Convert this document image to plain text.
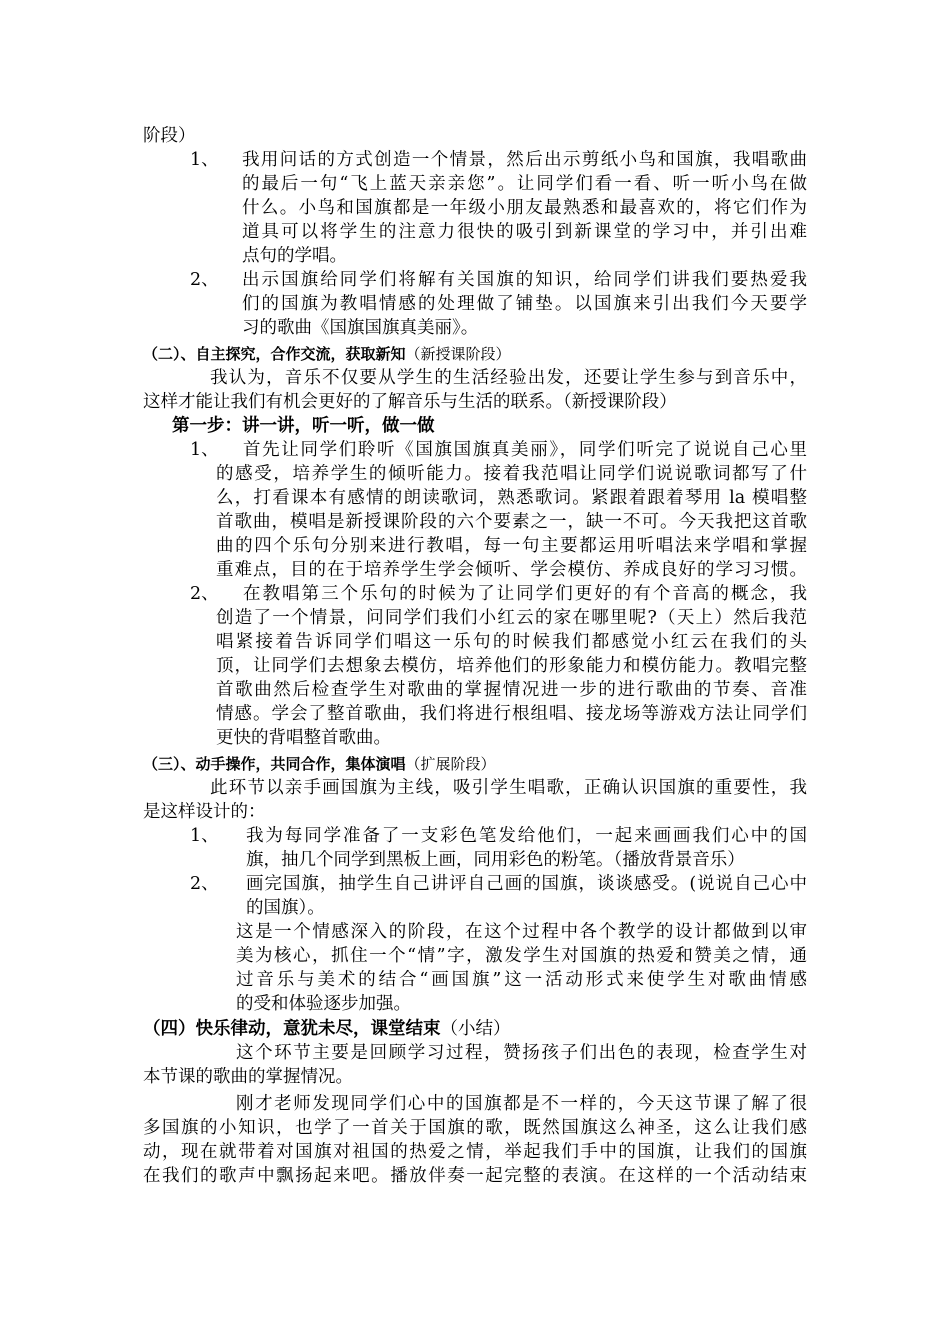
阶段）
1、 我用问话的方式创造一个情景，然后出示剪纸小鸟和国旗，我唱歌曲
的最后一句“飞上蓝天亲亲您”。让同学们看一看、听一听小鸟在做
什么。小鸟和国旗都是一年级小朋友最熟悉和最喜欢的，将它们作为
道具可以将学生的注意力很快的吸引到新课堂的学习中，并引出难
点句的学唱。
2、 出示国旗给同学们将解有关国旗的知识，给同学们讲我们要热爱我
们的国旗为教唱情感的处理做了铺垫。以国旗来引出我们今天要学
习的歌曲《国旗国旗真美丽》。
（二）、自主探究，合作交流，获取新知（新授课阶段）
我认为，音乐不仅要从学生的生活经验出发，还要让学生参与到音乐中，
这样才能让我们有机会更好的了解音乐与生活的联系。（新授课阶段）
第一步：讲一讲，听一听，做一做
1、 首先让同学们聆听《国旗国旗真美丽》，同学们听完了说说自己心里
的感受，培养学生的倾听能力。接着我范唱让同学们说说歌词都写了什
么，打看课本有感情的朗读歌词，熟悉歌词。紧跟着跟着琴用 la 模唱整
首歌曲，模唱是新授课阶段的六个要素之一，缺一不可。今天我把这首歌
曲的四个乐句分别来进行教唱，每一句主要都运用听唱法来学唱和掌握
重难点，目的在于培养学生学会倾听、学会模仿、养成良好的学习习惯。
2、 在教唱第三个乐句的时候为了让同学们更好的有个音高的概念，我
创造了一个情景，问同学们我们小红云的家在哪里呢?（天上）然后我范
唱紧接着告诉同学们唱这一乐句的时候我们都感觉小红云在我们的头
顶，让同学们去想象去模仿，培养他们的形象能力和模仿能力。教唱完整
首歌曲然后检查学生对歌曲的掌握情况进一步的进行歌曲的节奏、音准
情感。学会了整首歌曲，我们将进行根组唱、接龙场等游戏方法让同学们
更快的背唱整首歌曲。
（三）、动手操作，共同合作，集体演唱（扩展阶段）
此环节以亲手画国旗为主线，吸引学生唱歌，正确认识国旗的重要性，我
是这样设计的：
1、 我为每同学准备了一支彩色笔发给他们，一起来画画我们心中的国
旗，抽几个同学到黑板上画，同用彩色的粉笔。（播放背景音乐）
2、 画完国旗，抽学生自己讲评自己画的国旗，谈谈感受。(说说自己心中
的国旗）。
这是一个情感深入的阶段，在这个过程中各个教学的设计都做到以审
美为核心，抓住一个“情”字，激发学生对国旗的热爱和赞美之情，通
过音乐与美术的结合“画国旗”这一活动形式来使学生对歌曲情感
的受和体验逐步加强。
（四）快乐律动，意犹未尽，课堂结束（小结）
这个环节主要是回顾学习过程，赞扬孩子们出色的表现，检查学生对
本节课的歌曲的掌握情况。
刚才老师发现同学们心中的国旗都是不一样的，今天这节课了解了很
多国旗的小知识，也学了一首关于国旗的歌，既然国旗这么神圣，这么让我们感
动，现在就带着对国旗对祖国的热爱之情，举起我们手中的国旗，让我们的国旗
在我们的歌声中飘扬起来吧。播放伴奏一起完整的表演。在这样的一个活动结束
